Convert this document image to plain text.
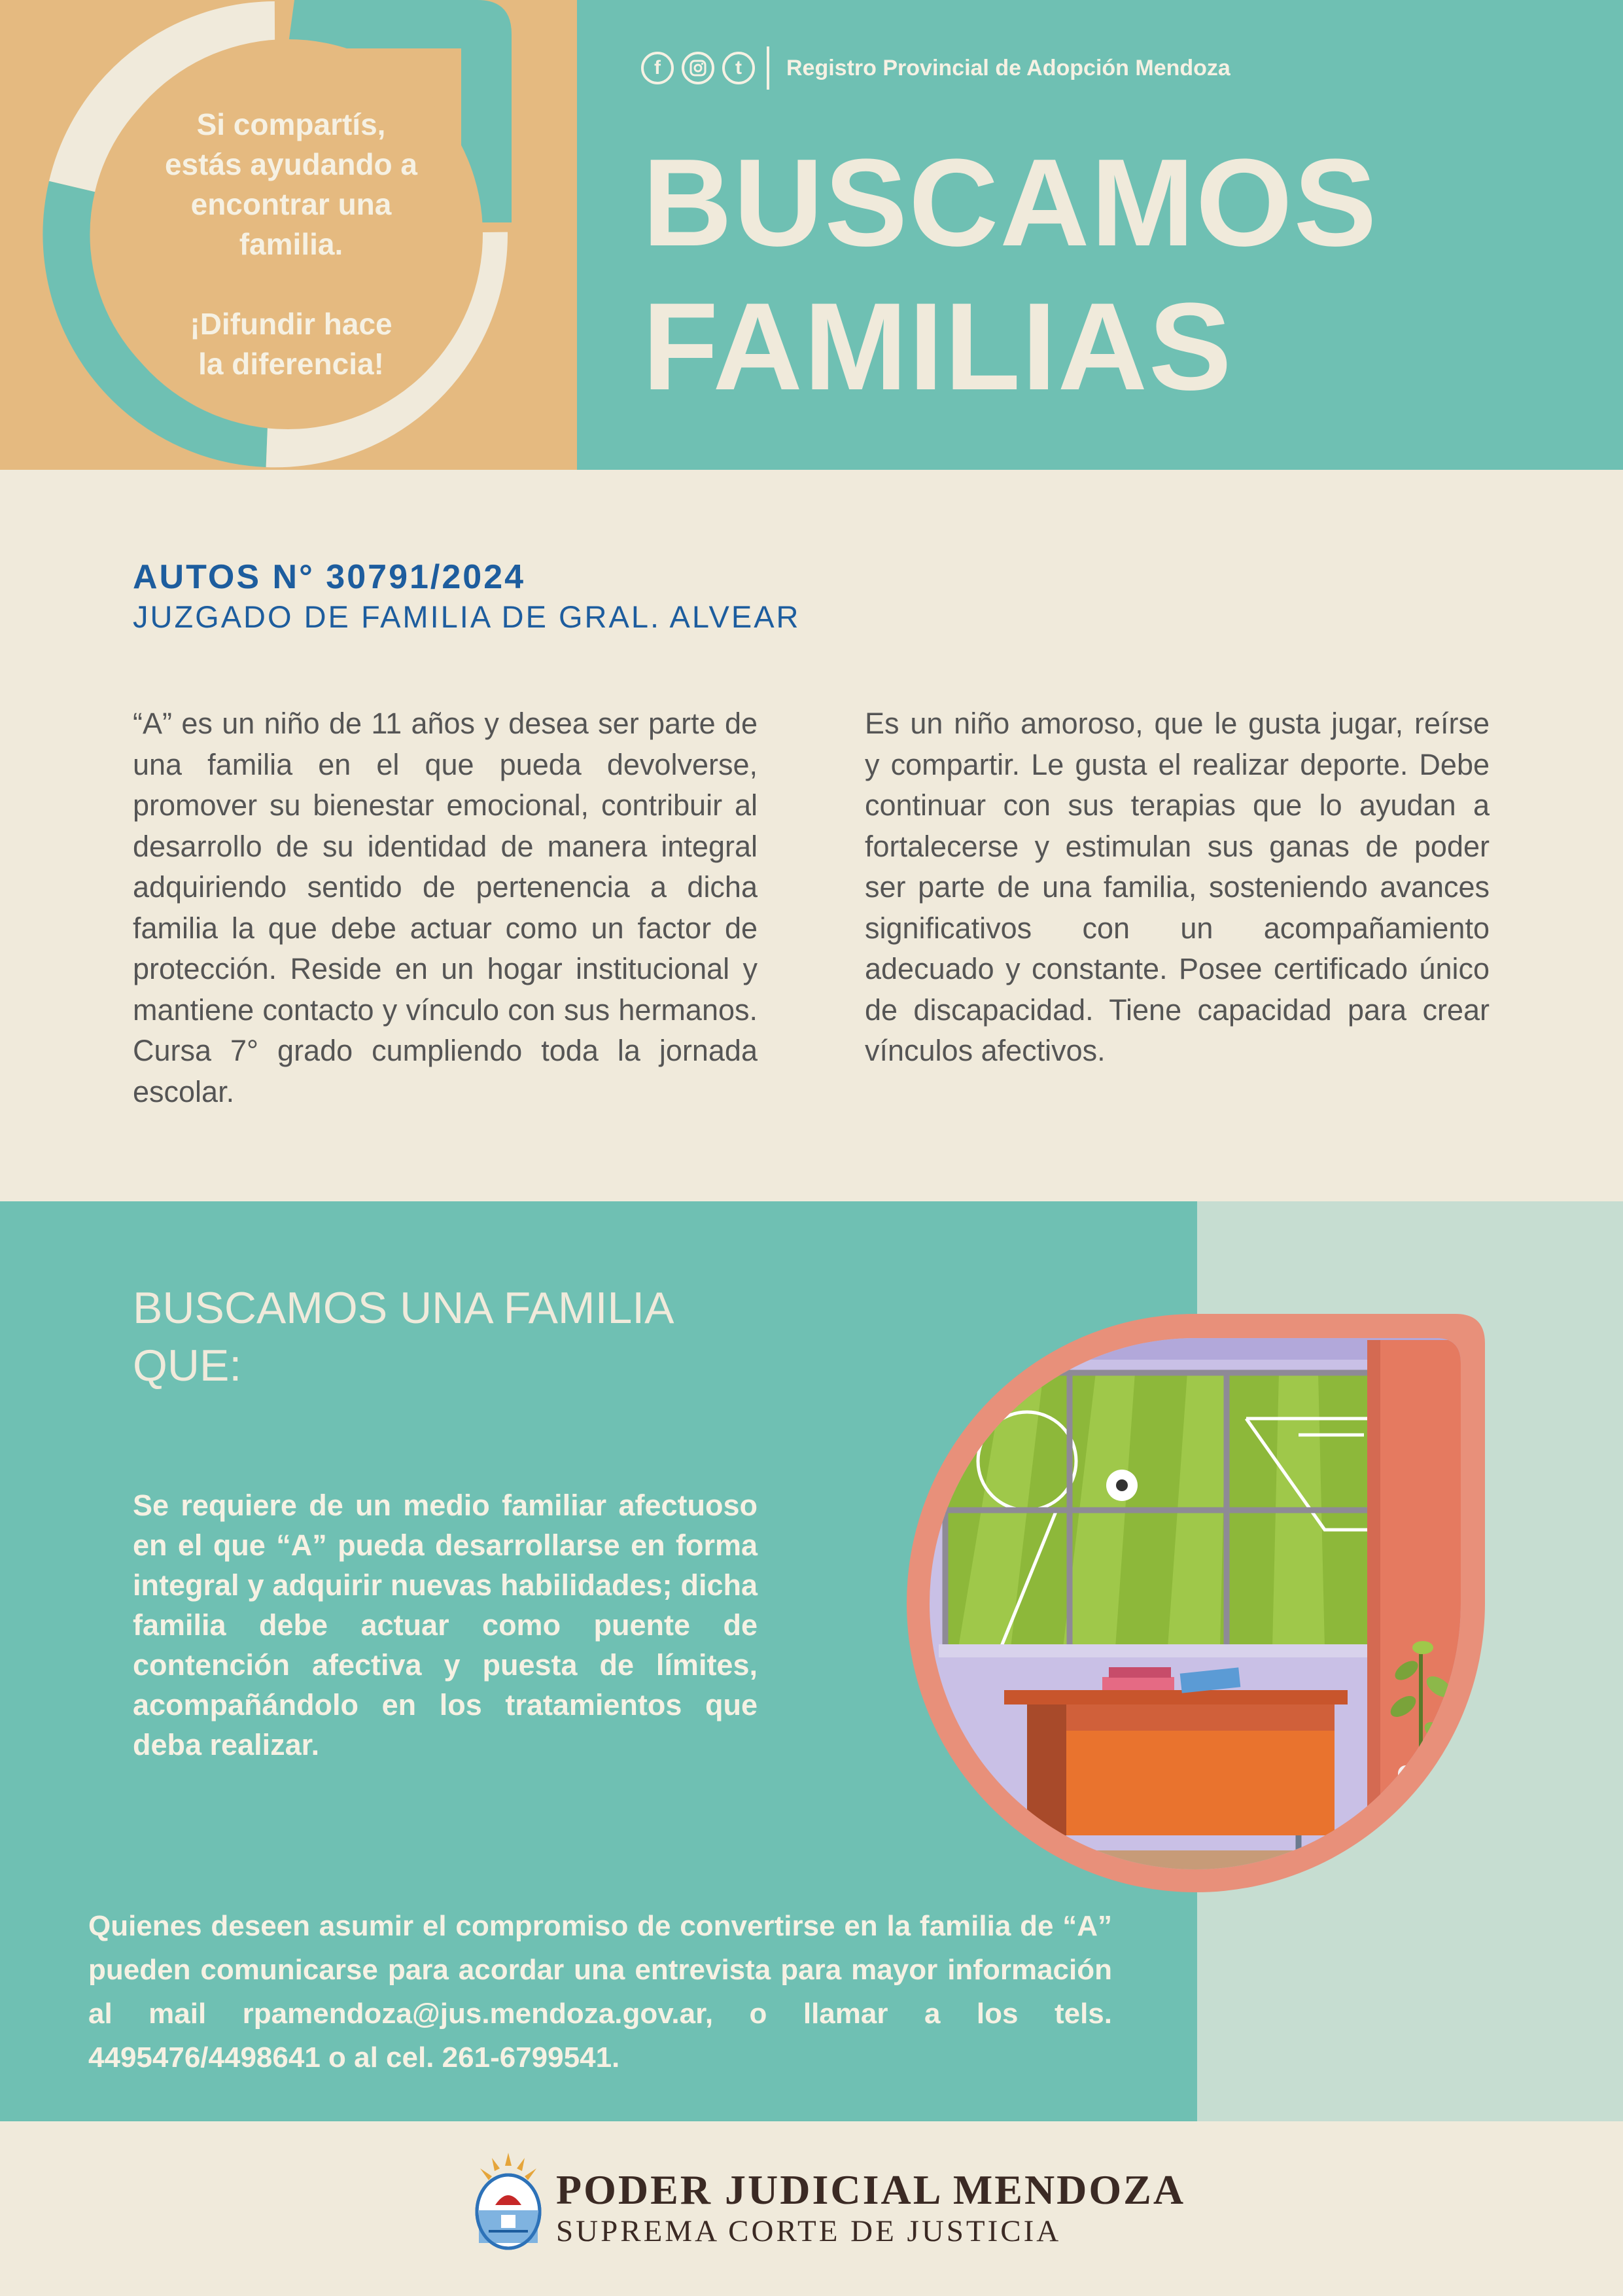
Si compartís,

estás ayudando a

encontrar una

familia.

¡Difundir hace

la diferencia!

f	t	Registro Provincial de Adopción Mendoza
BUSCAMOS
FAMILIAS
AUTOS N° 30791/2024
JUZGADO DE FAMILIA DE GRAL. ALVEAR

“A” es un niño de 11 años y desea ser parte de una familia en el que pueda devolverse, promover su bienestar emocional, contribuir al desarrollo de su identidad de manera integral adquiriendo sentido de pertenencia a dicha familia la que debe actuar como un factor de protección. Reside en un hogar institucional y mantiene contacto y vínculo con sus hermanos. Cursa 7° grado cumpliendo toda la jornada escolar.

Es un niño amoroso, que le gusta jugar, reírse y compartir. Le gusta el realizar deporte. Debe continuar con sus terapias que lo ayudan a fortalecerse y estimulan sus ganas de poder ser parte de una familia, sosteniendo avances significativos con un acompañamiento adecuado y constante. Posee certificado único de discapacidad. Tiene capacidad para crear vínculos afectivos.

BUSCAMOS UNA FAMILIA
QUE:

Se requiere de un medio familiar afectuoso en el que “A” pueda desarrollarse en forma integral y adquirir nuevas habilidades; dicha familia debe actuar como puente de contención afectiva y puesta de límites, acompañándolo en los tratamientos que deba realizar.

Quienes deseen asumir el compromiso de convertirse en la familia de “A” pueden comunicarse para acordar una entrevista para mayor información al mail rpamendoza@jus.mendoza.gov.ar, o llamar a los tels. 4495476/4498641 o al cel. 261-6799541.

PODER JUDICIAL MENDOZA
SUPREMA CORTE DE JUSTICIA
